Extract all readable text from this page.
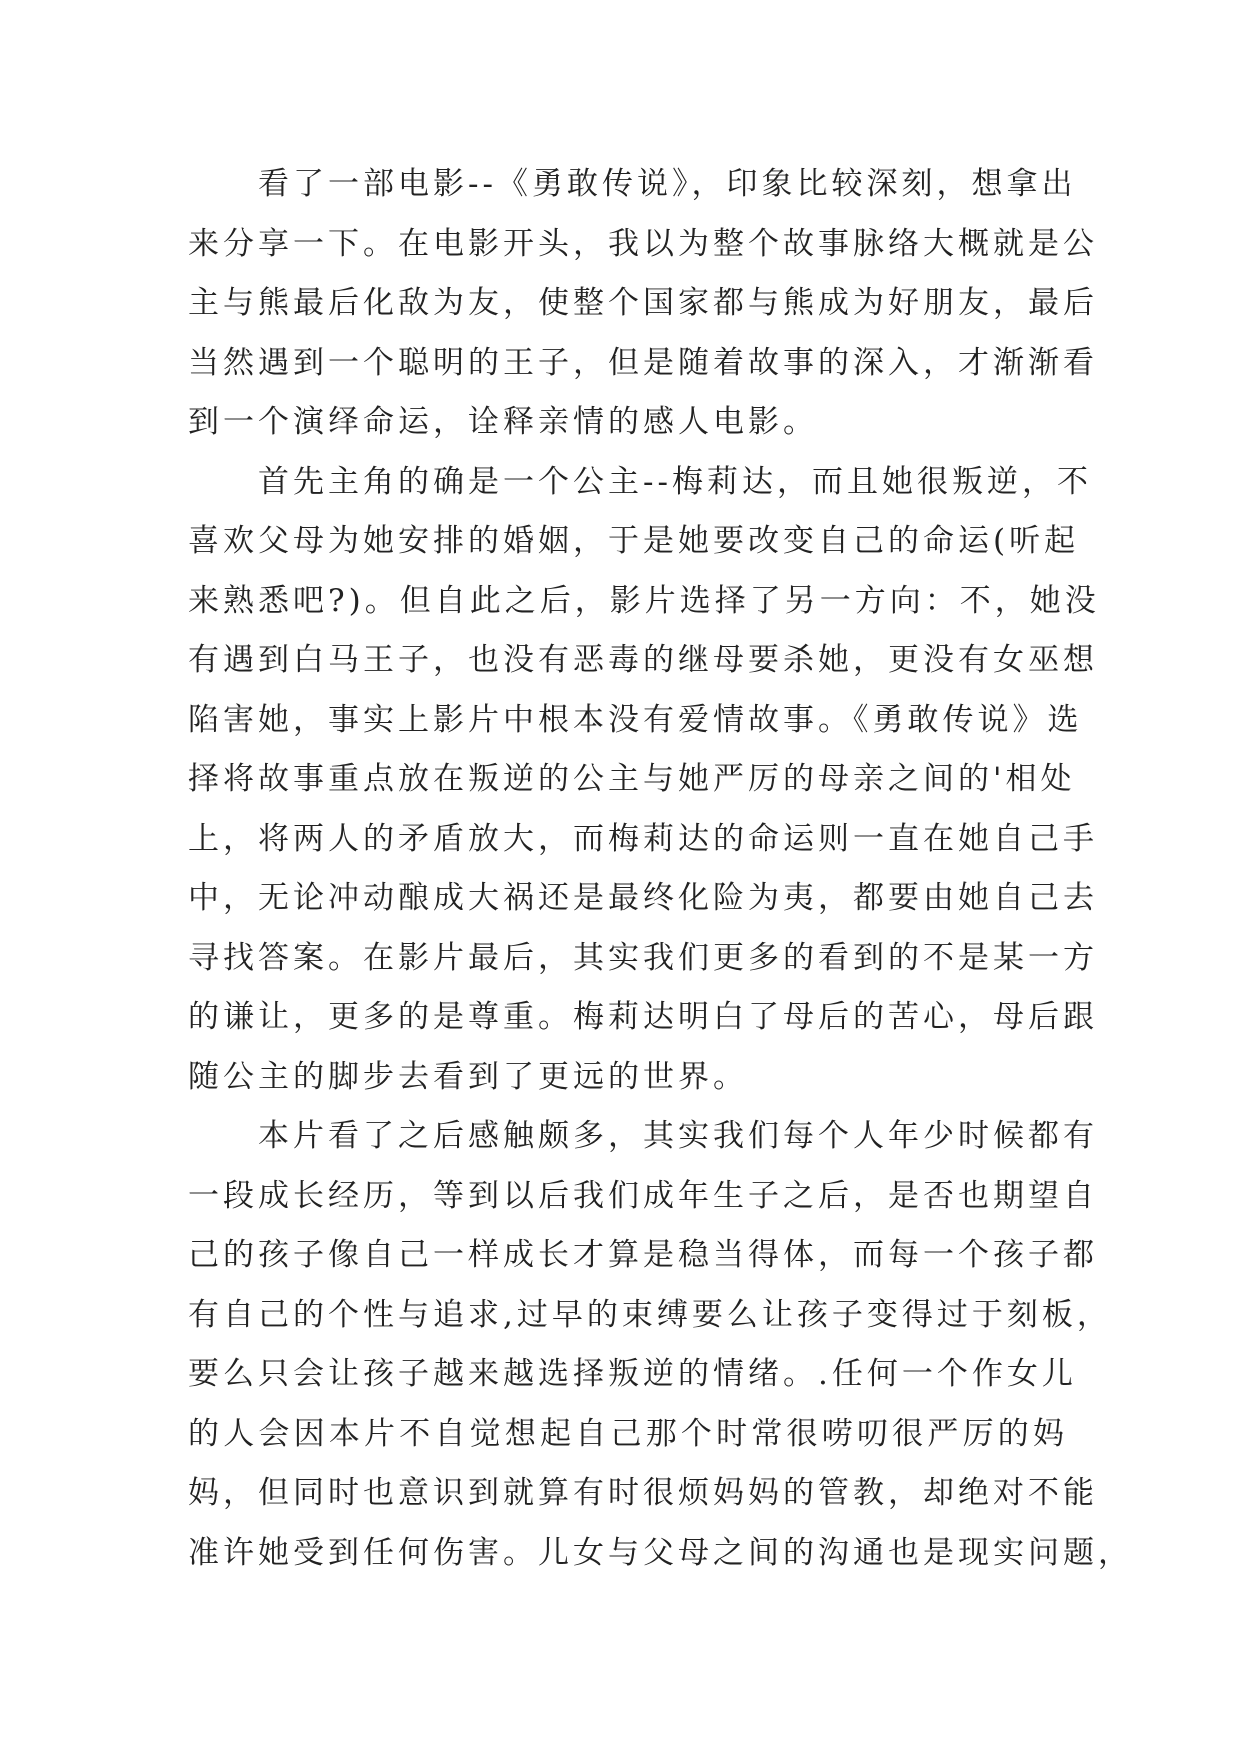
看了一部电影--《勇敢传说》，印象比较深刻，想拿出
来分享一下。在电影开头，我以为整个故事脉络大概就是公
主与熊最后化敌为友，使整个国家都与熊成为好朋友，最后
当然遇到一个聪明的王子，但是随着故事的深入，才渐渐看
到一个演绎命运，诠释亲情的感人电影。
首先主角的确是一个公主--梅莉达，而且她很叛逆，不
喜欢父母为她安排的婚姻，于是她要改变自己的命运(听起
来熟悉吧?)。但自此之后，影片选择了另一方向：不，她没
有遇到白马王子，也没有恶毒的继母要杀她，更没有女巫想
陷害她，事实上影片中根本没有爱情故事。《勇敢传说》选
择将故事重点放在叛逆的公主与她严厉的母亲之间的'相处
上，将两人的矛盾放大，而梅莉达的命运则一直在她自己手
中，无论冲动酿成大祸还是最终化险为夷，都要由她自己去
寻找答案。在影片最后，其实我们更多的看到的不是某一方
的谦让，更多的是尊重。梅莉达明白了母后的苦心，母后跟
随公主的脚步去看到了更远的世界。
本片看了之后感触颇多，其实我们每个人年少时候都有
一段成长经历，等到以后我们成年生子之后，是否也期望自
己的孩子像自己一样成长才算是稳当得体，而每一个孩子都
有自己的个性与追求,过早的束缚要么让孩子变得过于刻板，
要么只会让孩子越来越选择叛逆的情绪。.任何一个作女儿
的人会因本片不自觉想起自己那个时常很唠叨很严厉的妈
妈，但同时也意识到就算有时很烦妈妈的管教，却绝对不能
准许她受到任何伤害。儿女与父母之间的沟通也是现实问题，
